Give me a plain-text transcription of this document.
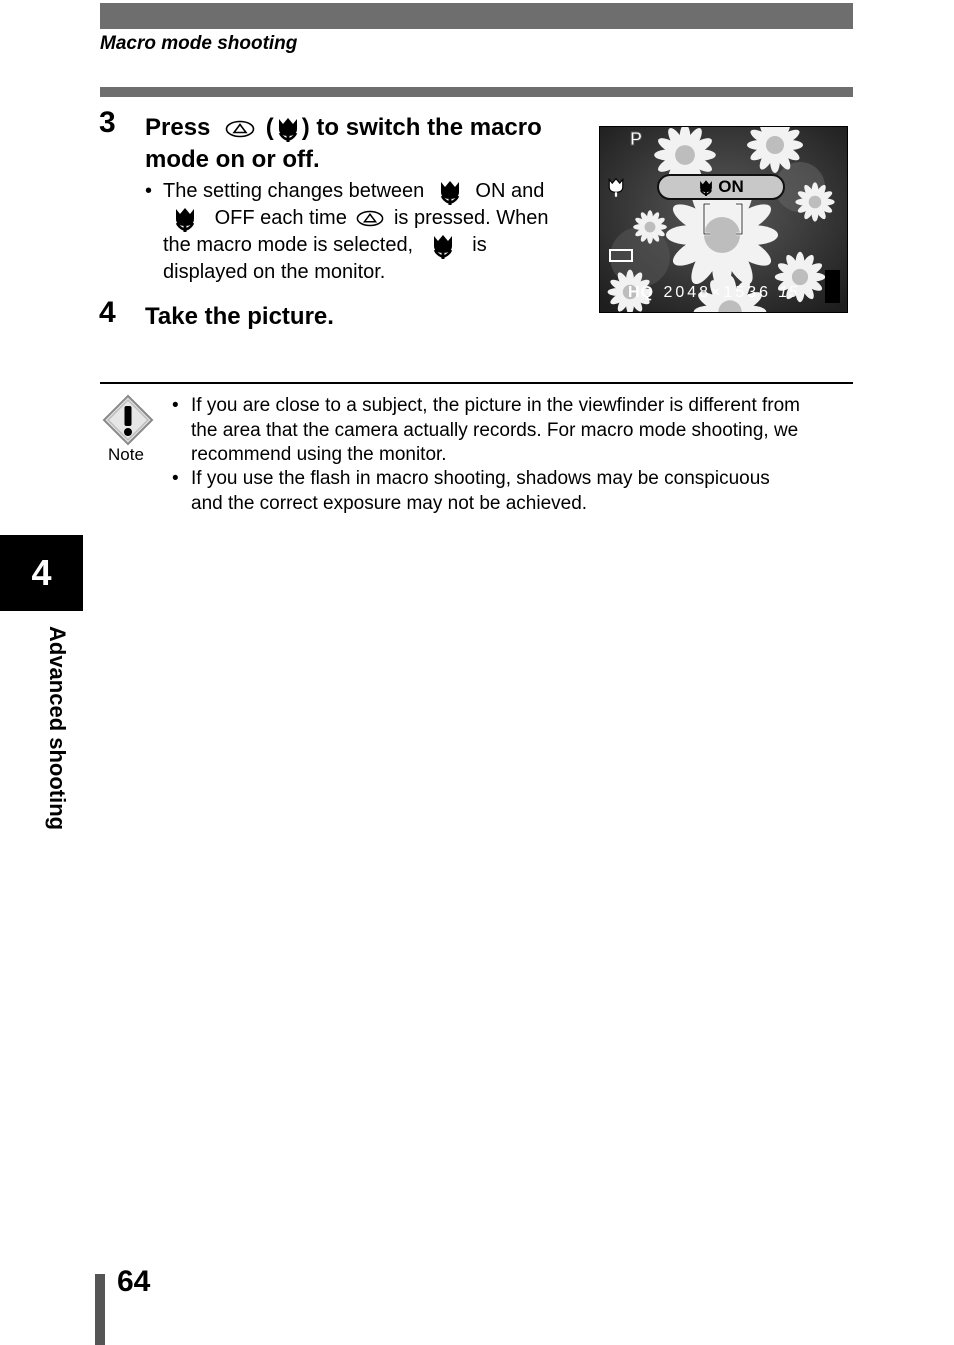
Macro mode shooting
3 Press ( ) to switch the macro
mode on or off.
• The setting changes between	ON and
OFF each time is pressed. When
the macro mode is selected,	is
displayed on the monitor.
4 Take the picture.
P
ON
HQ 2048×1536 15
Note
• If you are close to a subject, the picture in the viewfinder is different from
the area that the camera actually records. For macro mode shooting, we
recommend using the monitor.
• If you use the flash in macro shooting, shadows may be conspicuous
and the correct exposure may not be achieved.
4
Advanced shooting
64
